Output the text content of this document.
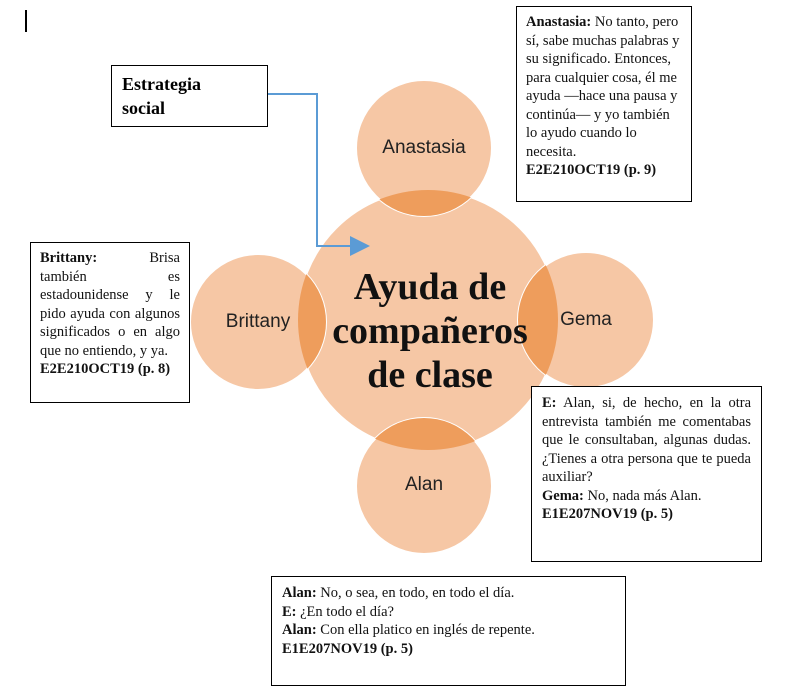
Anastasia
Brittany	Gema
Alan
Ayuda de
compañeros
de clase
Estrategia
social

Anastasia: No tanto, pero sí, sabe muchas palabras y su significado. Entonces, para cualquier cosa, él me ayuda —hace una pausa y continúa— y yo también lo ayudo cuando lo necesita.
E2E210OCT19 (p. 9)

Brittany:	Brisa también es estadounidense y le pido ayuda con algunos significados o en algo que no entiendo, y ya.

E2E210OCT19 (p. 8)

E: Alan, si, de hecho, en la otra entrevista también me comentabas que le consultaban, algunas dudas. ¿Tienes a otra persona que te pueda auxiliar?

Gema: No, nada más Alan.

E1E207NOV19 (p. 5)

Alan: No, o sea, en todo, en todo el día.

E: ¿En todo el día?

Alan: Con ella platico en inglés de repente.

E1E207NOV19 (p. 5)
